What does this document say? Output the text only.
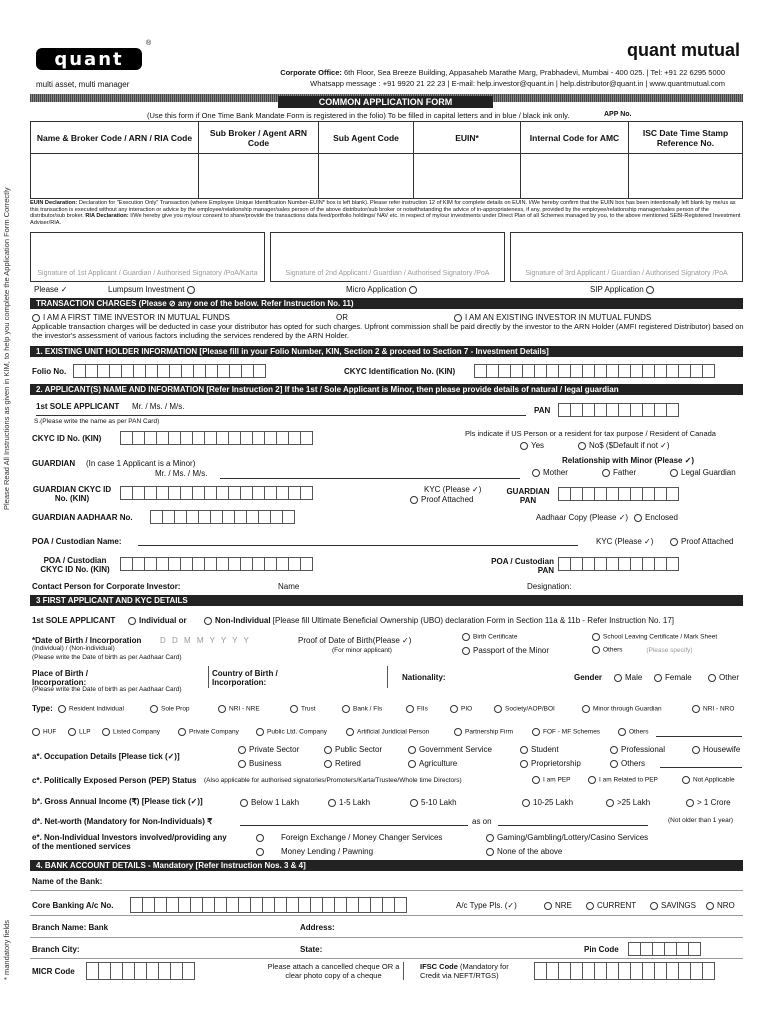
Please Read All Instructions as given in KIM, to help you complete the Application Form Correctly
* mandatory fields
quant
®	quant mutual
multi asset, multi manager
Corporate Office: 6th Floor, Sea Breeze Building, Appasaheb Marathe Marg, Prabhadevi, Mumbai - 400 025. | Tel: +91 22 6295 5000
Whatsapp message : +91 9920 21 22 23 | E-mail: help.investor@quant.in | help.distributor@quant.in | www.quantmutual.com
COMMON APPLICATION FORM
(Use this form if One Time Bank Mandate Form is registered in the folio) To be filled in capital letters and in blue / black ink only.	APP No.
Name & Broker Code / ARN / RIA Code	Sub Broker / Agent ARN Code	Sub Agent Code	EUIN*	Internal Code for AMC	ISC Date Time Stamp Reference No.

EUIN Declaration: Declaration for "Execution Only" Transaction (where Employee Unique Identification Number-EUIN* box is left blank). Please refer instruction 12 of KIM for complete details on EUIN. I/We hereby confirm that the EUIN box has been intentionally left blank by me/us as this transaction is executed without any interaction or advice by the employee/relationship manager/sales person of the above distributor/sub broker or notwithstanding the advice of in-appropriateness, if any, provided by the employee/relationship manager/sales person of the distributor/sub broker. RIA Declaration: I/We hereby give you my/our consent to share/provide the transactions data feed/portfolio holdings/ NAV etc. in respect of my/our investments under Direct Plan of all Schemes managed by you, to the above mentioned SEBI-Registered Investment Adviser/RIA.
Signature of 1st Applicant / Guardian / Authorised Signatory /PoA/Karta	Signature of 2nd Applicant / Guardian / Authorised Signatory /PoA	Signature of 3rd Applicant / Guardian / Authorised Signatory /PoA
Please ✓	Lumpsum Investment	Micro Application	SIP Application
TRANSACTION CHARGES (Please ⊘ any one of the below. Refer Instruction No. 11)
I AM A FIRST TIME INVESTOR IN MUTUAL FUNDS	OR	I AM AN EXISTING INVESTOR IN MUTUAL FUNDS
Applicable transaction charges will be deducted in case your distributor has opted for such charges. Upfront commission shall be paid directly by the investor to the ARN Holder (AMFI registered Distributor) based on the investor's assessment of various factors including the services rendered by the ARN Holder.
1. EXISTING UNIT HOLDER INFORMATION [Please fill in your Folio Number, KIN, Section 2 & proceed to Section 7 - Investment Details]
Folio No.	CKYC Identification No. (KIN)
2. APPLICANT(S) NAME AND INFORMATION [Refer Instruction 2] If the 1st / Sole Applicant is Minor, then please provide details of natural / legal guardian
1st SOLE APPLICANT Mr. / Ms. / M/s.	PAN
S.(Please write the name as per PAN Card)
Pls indicate if US Person or a resident for tax purpose / Resident of Canada
Yes	No$ ($Default if not ✓)
CKYC ID No. (KIN)
GUARDIAN (In case 1 Applicant is a Minor)
Mr. / Ms. / M/s.
Relationship with Minor (Please ✓)
Mother	Father	Legal Guardian
GUARDIAN CKYC ID No. (KIN)
KYC (Please ✓)
Proof Attached
GUARDIAN PAN
GUARDIAN AADHAAR No.	Aadhaar Copy (Please ✓)	Enclosed
POA / Custodian Name:	KYC (Please ✓)	Proof Attached
POA / Custodian CKYC ID No. (KIN)
POA / Custodian PAN
Contact Person for Corporate Investor:	Name	Designation:
3 FIRST APPLICANT AND KYC DETAILS
1st SOLE APPLICANT	Individual or	Non-Individual [Please fill Ultimate Beneficial Ownership (UBO) declaration Form in Section 11a & 11b - Refer Instruction No. 17]
*Date of Birth / Incorporation
(Individual) / (Non-individual)
(Please write the Date of birth as per Aadhaar Card)
D D M M Y Y Y Y	Proof of Date of Birth(Please ✓)
(For minor applicant)
Birth Certificate
Passport of the Minor
School Leaving Certificate / Mark Sheet
Others	(Please specify)
Place of Birth / Incorporation:
(Please write the Date of birth as per Aadhaar Card)
Country of Birth / Incorporation:
Nationality:	Gender	Male	Female	Other
Type:	Resident Individual	Sole Prop	NRI - NRE	Trust	Bank / FIs	FIIs	PIO	Society/AOP/BOI	Minor through Guardian	NRI - NRO
HUF	LLP	Listed Company	Private Company	Public Ltd. Company	Artificial Juridicial Person	Partnership Firm	FOF - MF Schemes	Others
a*. Occupation Details [Please tick (✓)]
Private Sector	Public Sector	Government Service	Student	Professional	Housewife
Business	Retired	Agriculture	Proprietorship	Others
c*. Politically Exposed Person (PEP) Status (Also applicable for authorised signatories/Promoters/Karta/Trustee/Whole time Directors)	I am PEP	I am Related to PEP	Not Applicable
b*. Gross Annual Income (₹) [Please tick (✓)]	Below 1 Lakh	1-5 Lakh	5-10 Lakh	10-25 Lakh	>25 Lakh	> 1 Crore
d*. Net-worth (Mandatory for Non-Individuals) ₹	as on	(Not older than 1 year)
e*. Non-Individual Investors involved/providing any of the mentioned services
Foreign Exchange / Money Changer Services	Gaming/Gambling/Lottery/Casino Services
Money Lending / Pawning	None of the above
4. BANK ACCOUNT DETAILS - Mandatory [Refer Instruction Nos. 3 & 4]
Name of the Bank:
Core Banking A/c No.	A/c Type Pls. (✓)	NRE	CURRENT	SAVINGS	NRO
Branch Name: Bank	Address:
Branch City:	State:	Pin Code
MICR Code
Please attach a cancelled cheque OR a clear photo copy of a cheque
IFSC Code (Mandatory for Credit via NEFT/RTGS)
